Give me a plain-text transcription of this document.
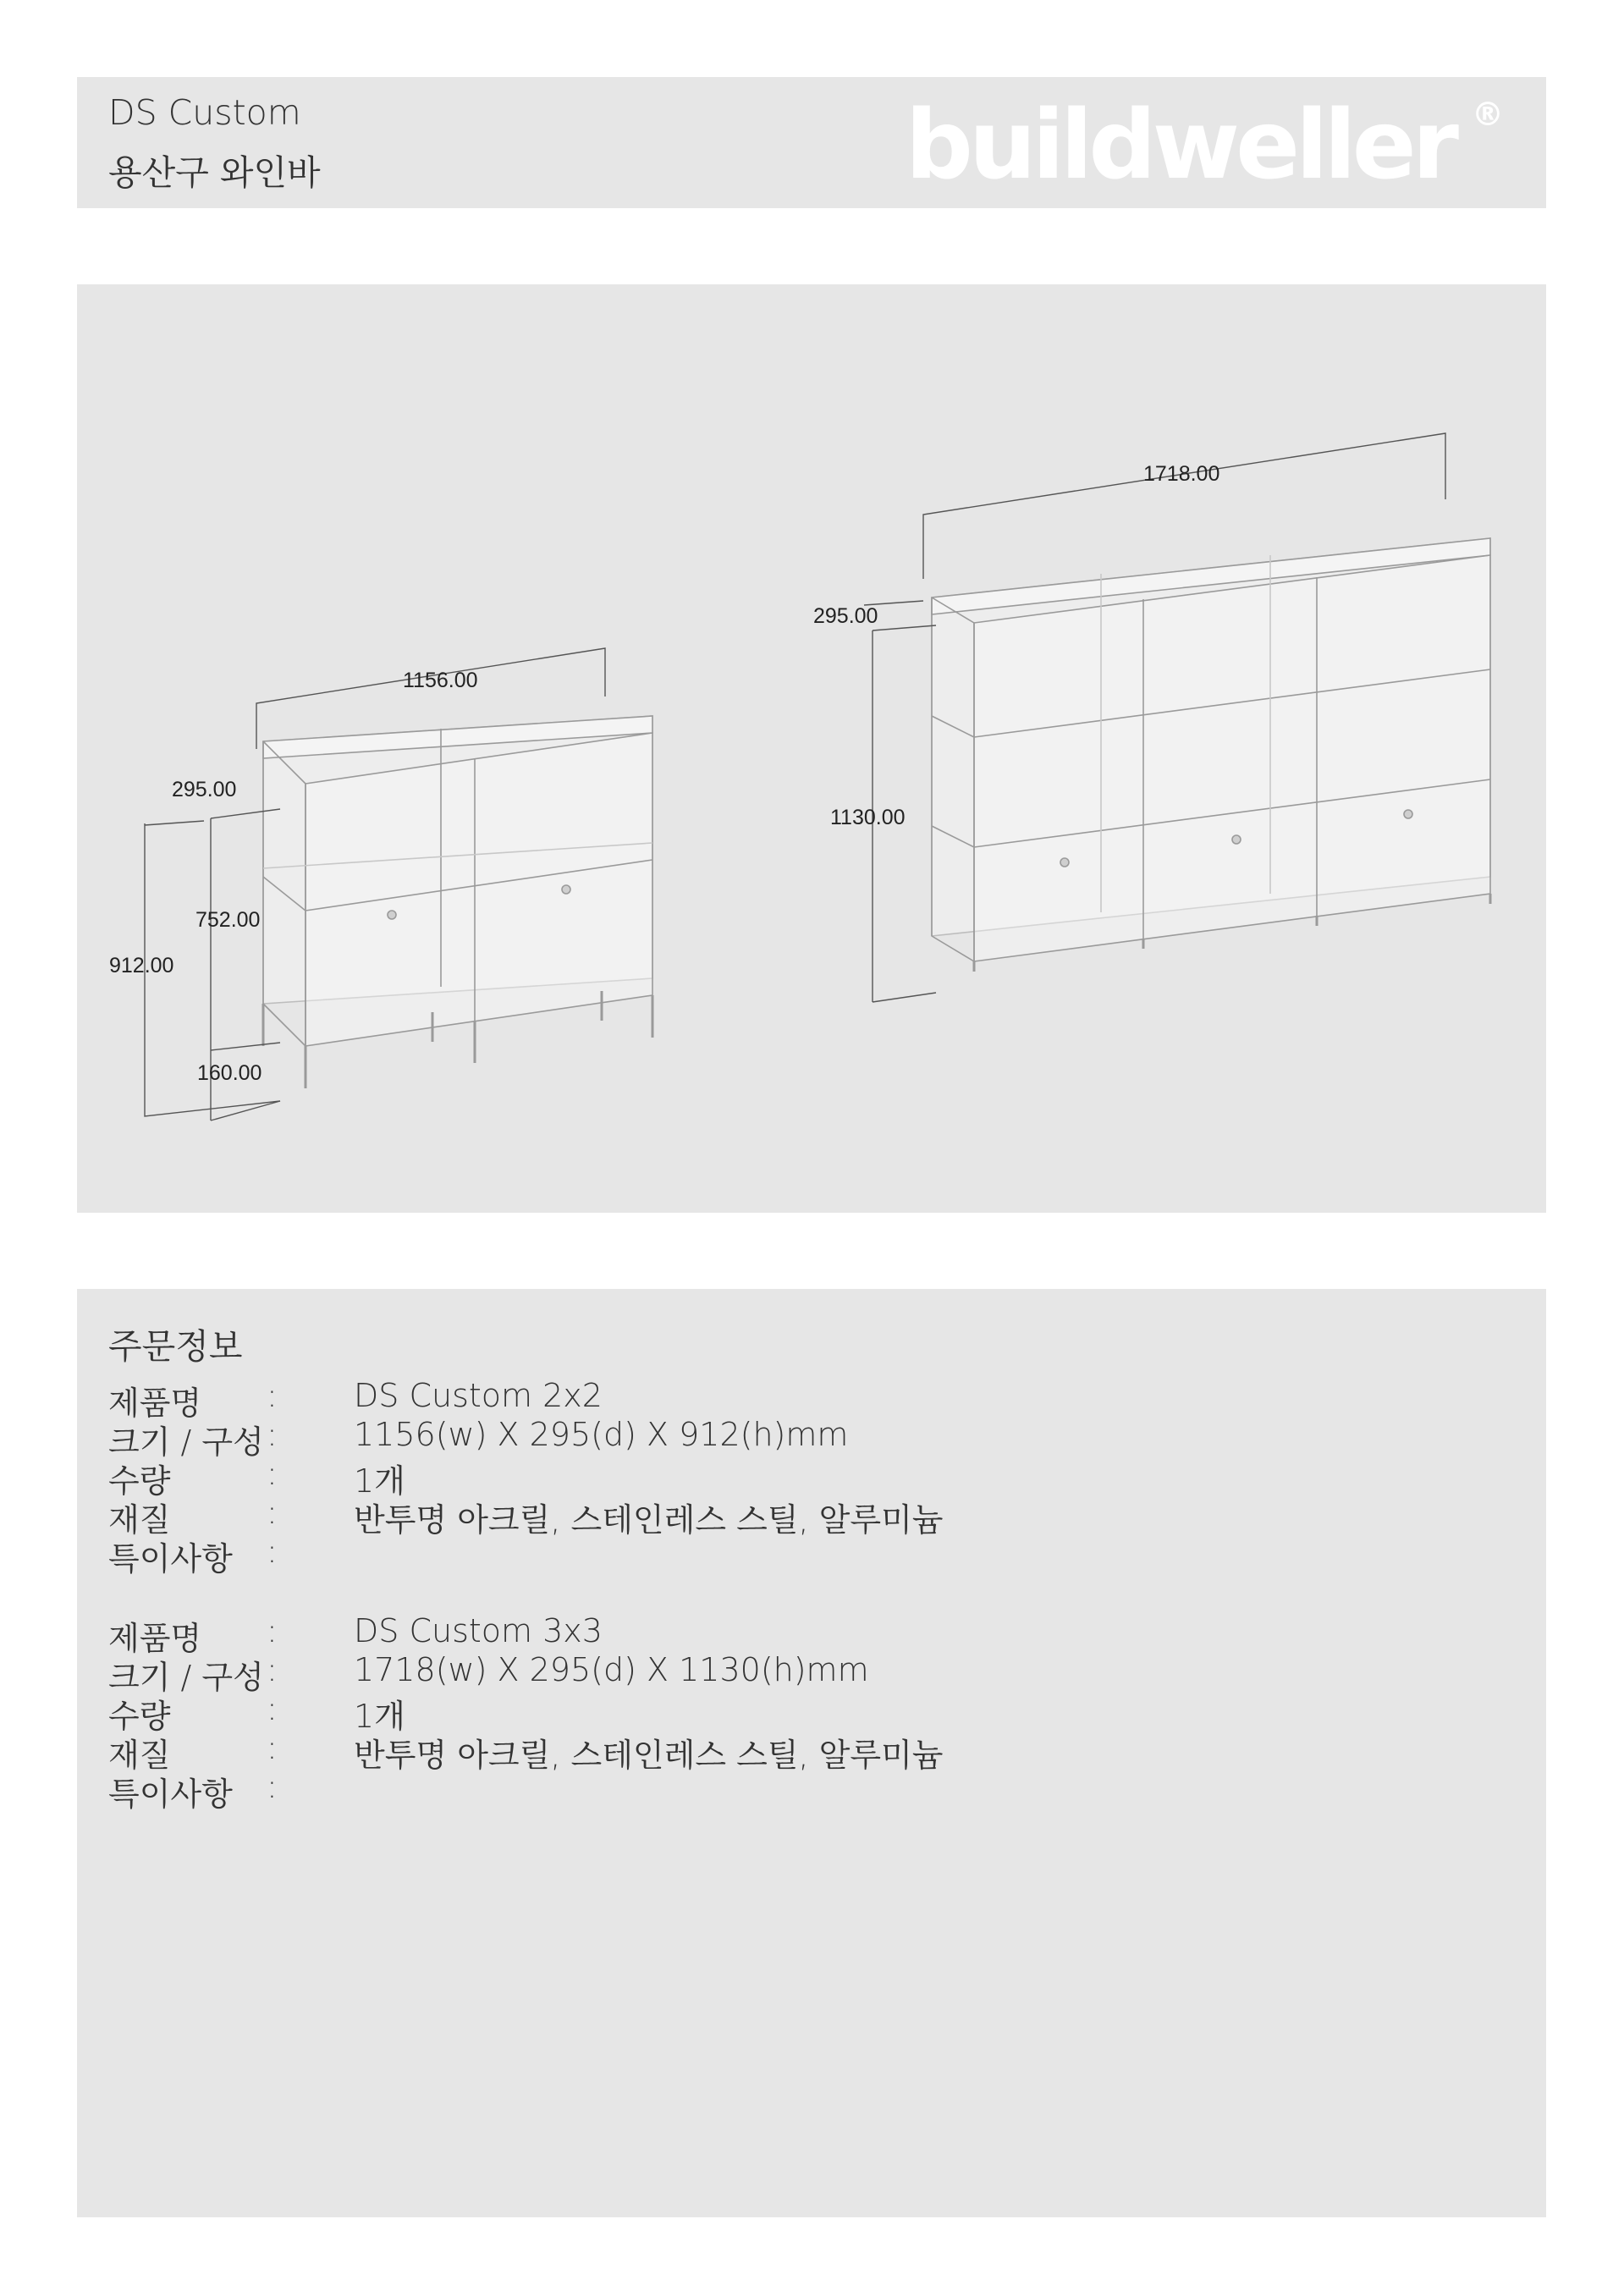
DS Custom
용산구 와인바	buildweller ®
1156.00
295.00
752.00
912.00
160.00
1718.00
295.00
1130.00
주문정보
제품명 : DS Custom 2x2
크기 / 구성 : 1156(w) X 295(d) X 912(h)mm
수량	: 1개
재질	: 반투명 아크릴, 스테인레스 스틸, 알루미늄
특이사항 :
제품명 : DS Custom 3x3
크기 / 구성 : 1718(w) X 295(d) X 1130(h)mm
수량	: 1개
재질	: 반투명 아크릴, 스테인레스 스틸, 알루미늄
특이사항 :
